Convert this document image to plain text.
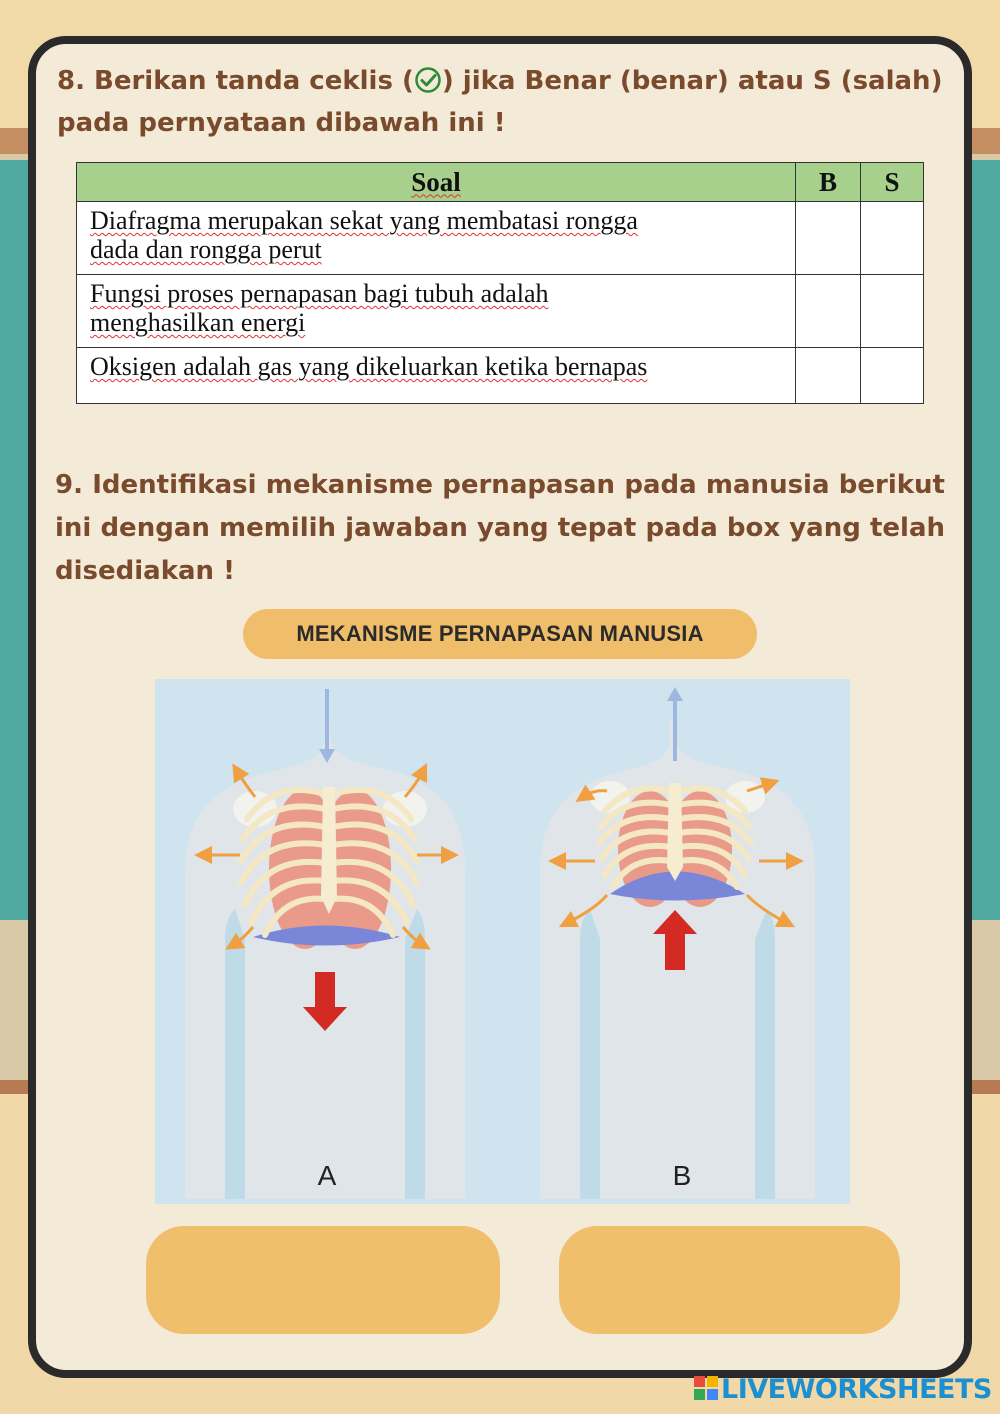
8. Berikan tanda ceklis ( ) jika Benar (benar) atau S (salah) pada pernyataan dibawah ini !
Soal	B	S
Diafragma merupakan sekat yang membatasi rongga
dada dan rongga perut		
Fungsi proses pernapasan bagi tubuh adalah
menghasilkan energi		
Oksigen adalah gas yang dikeluarkan ketika bernapas		
9. Identifikasi mekanisme pernapasan pada manusia berikut ini dengan memilih jawaban yang tepat pada box yang telah disediakan !
MEKANISME PERNAPASAN MANUSIA
A	B
LIVEWORKSHEETS
